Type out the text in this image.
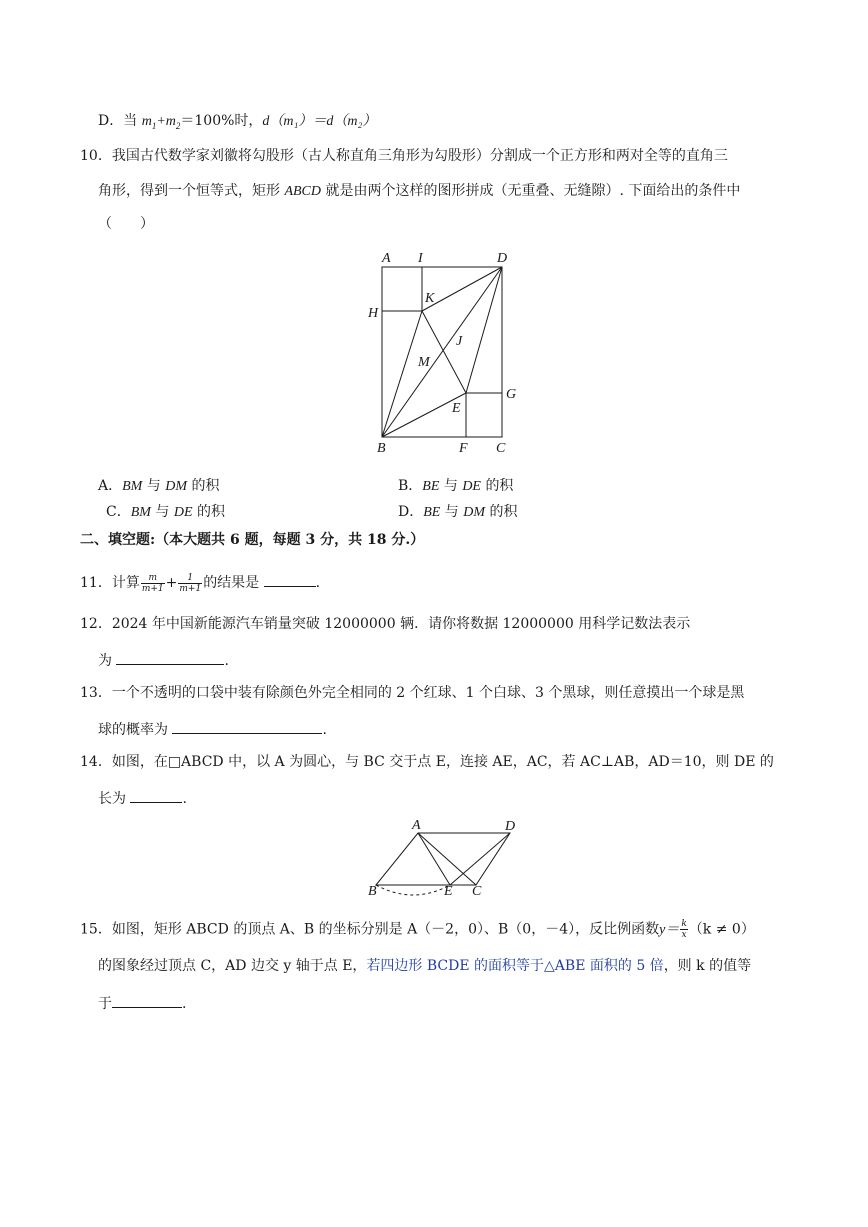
D．当 $m_1+m_2=100\%$时，d（m₁）＝d（m₂）
10．我国古代数学家刘徽将勾股形（古人称直角三角形为勾股形）分割成一个正方形和两对全等的直角三
角形，得到一个恒等式，矩形 ABCD 就是由两个这样的图形拼成（无重叠、无缝隙）. 下面给出的条件中
（　　）
A I	D
H
K
J
M
G
E
B	F C
A．BM 与 DM 的积	B．BE 与 DE 的积
C．BM 与 DE 的积	D．BE 与 DM 的积
二、填空题:（本大题共 6 题，每题 3 分，共 18 分.）
11．计算 $\frac{m}{m+1} + \frac{1}{m+1}$ 的结果是	.
12．2024 年中国新能源汽车销量突破 12000000 辆．请你将数据 12000000 用科学记数法表示
为	.
13．一个不透明的口袋中装有除颜色外完全相同的 2 个红球、1 个白球、3 个黑球，则任意摸出一个球是黑
球的概率为	.
14．如图，在□ABCD 中，以 A 为圆心，与 BC 交于点 E，连接 AE，AC，若 AC⊥AB，AD＝10，则 DE 的
长为	.
A	D
B	E C
15．如图，矩形 ABCD 的顶点 A、B 的坐标分别是 A（－2，0）、B（0，－4），反比例函数$y= \frac{k}{x} (k \ne 0)$
的图象经过顶点 C，AD 边交 y 轴于点 E，若四边形 BCDE 的面积等于△ABE 面积的 5 倍，则 k 的值等
于	.
